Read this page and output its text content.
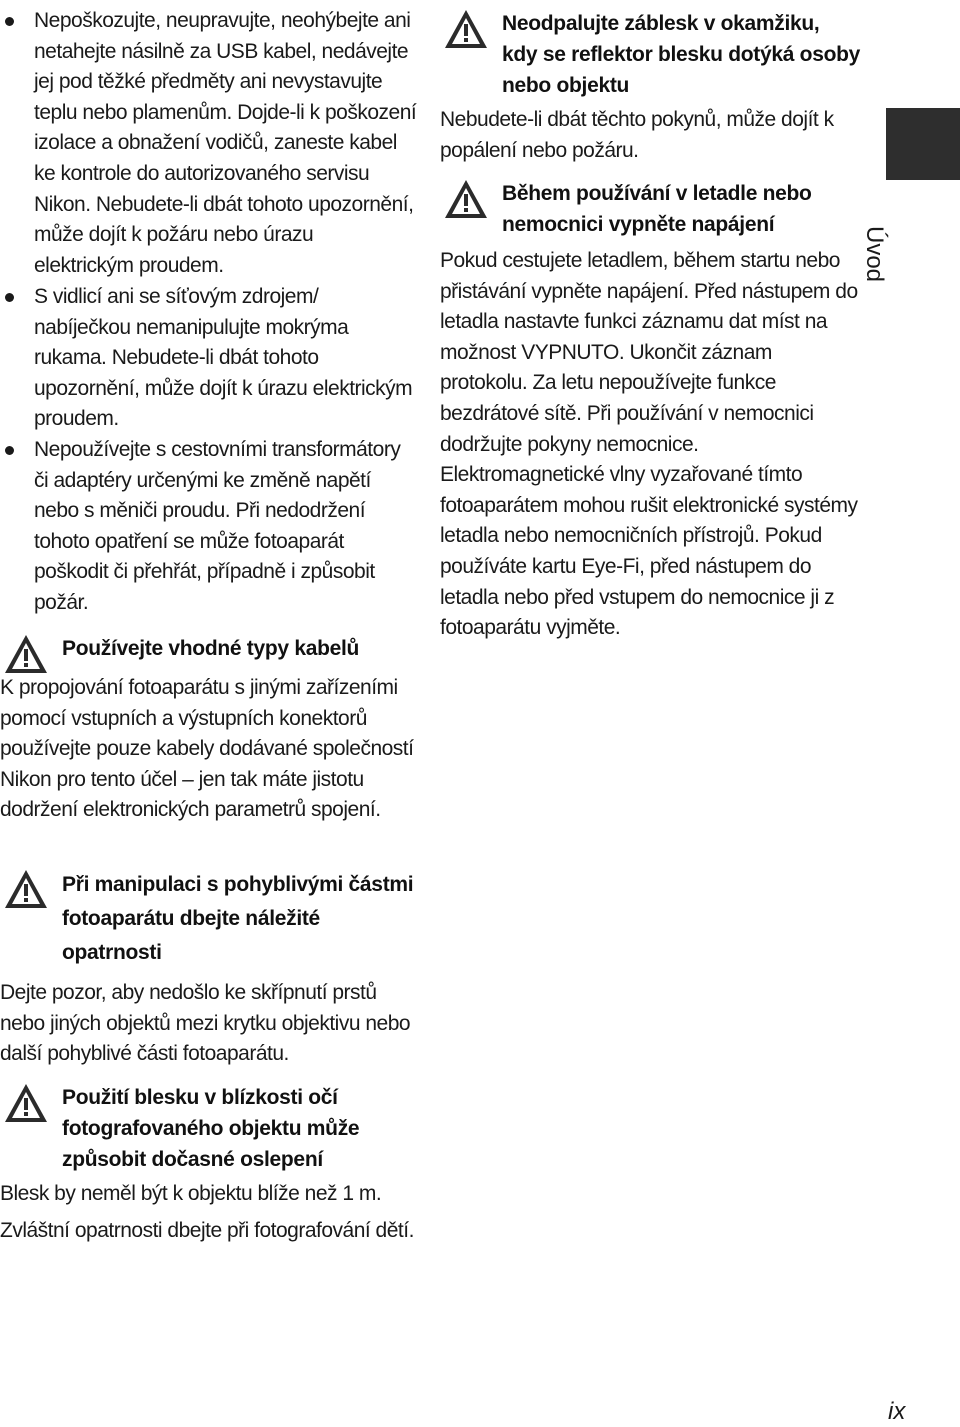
Nepoškozujte, neupravujte, neohýbejte ani netahejte násilně za USB kabel, nedávejte jej pod těžké předměty ani nevystavujte teplu nebo plamenům. Dojde-li k poškození izolace a obnažení vodičů, zaneste kabel ke kontrole do autorizovaného servisu Nikon. Nebudete-li dbát tohoto upozornění, může dojít k požáru nebo úrazu elektrickým proudem.
S vidlicí ani se síťovým zdrojem/ nabíječkou nemanipulujte mokrýma rukama. Nebudete-li dbát tohoto upozornění, může dojít k úrazu elektrickým proudem.
Nepoužívejte s cestovními transformátory či adaptéry určenými ke změně napětí nebo s měniči proudu. Při nedodržení tohoto opatření se může fotoaparát poškodit či přehřát, případně i způsobit požár.
Používejte vhodné typy kabelů

K propojování fotoaparátu s jinými zařízeními pomocí vstupních a výstupních konektorů používejte pouze kabely dodávané společností Nikon pro tento účel – jen tak máte jistotu dodržení elektronických parametrů spojení.

Při manipulaci s pohyblivými částmi fotoaparátu dbejte náležité opatrnosti

Dejte pozor, aby nedošlo ke skřípnutí prstů nebo jiných objektů mezi krytku objektivu nebo další pohyblivé části fotoaparátu.

Použití blesku v blízkosti očí fotografovaného objektu může způsobit dočasné oslepení

Blesk by neměl být k objektu blíže než 1 m.

Zvláštní opatrnosti dbejte při fotografování dětí.

Neodpalujte záblesk v okamžiku, kdy se reflektor blesku dotýká osoby nebo objektu

Nebudete-li dbát těchto pokynů, může dojít k popálení nebo požáru.

Během používání v letadle nebo nemocnici vypněte napájení

Pokud cestujete letadlem, během startu nebo přistávání vypněte napájení. Před nástupem do letadla nastavte funkci záznamu dat míst na možnost VYPNUTO. Ukončit záznam protokolu. Za letu nepoužívejte funkce bezdrátové sítě. Při používání v nemocnici dodržujte pokyny nemocnice. Elektromagnetické vlny vyzařované tímto fotoaparátem mohou rušit elektronické systémy letadla nebo nemocničních přístrojů. Pokud používáte kartu Eye-Fi, před nástupem do letadla nebo před vstupem do nemocnice ji z fotoaparátu vyjměte.

Úvod
ix
